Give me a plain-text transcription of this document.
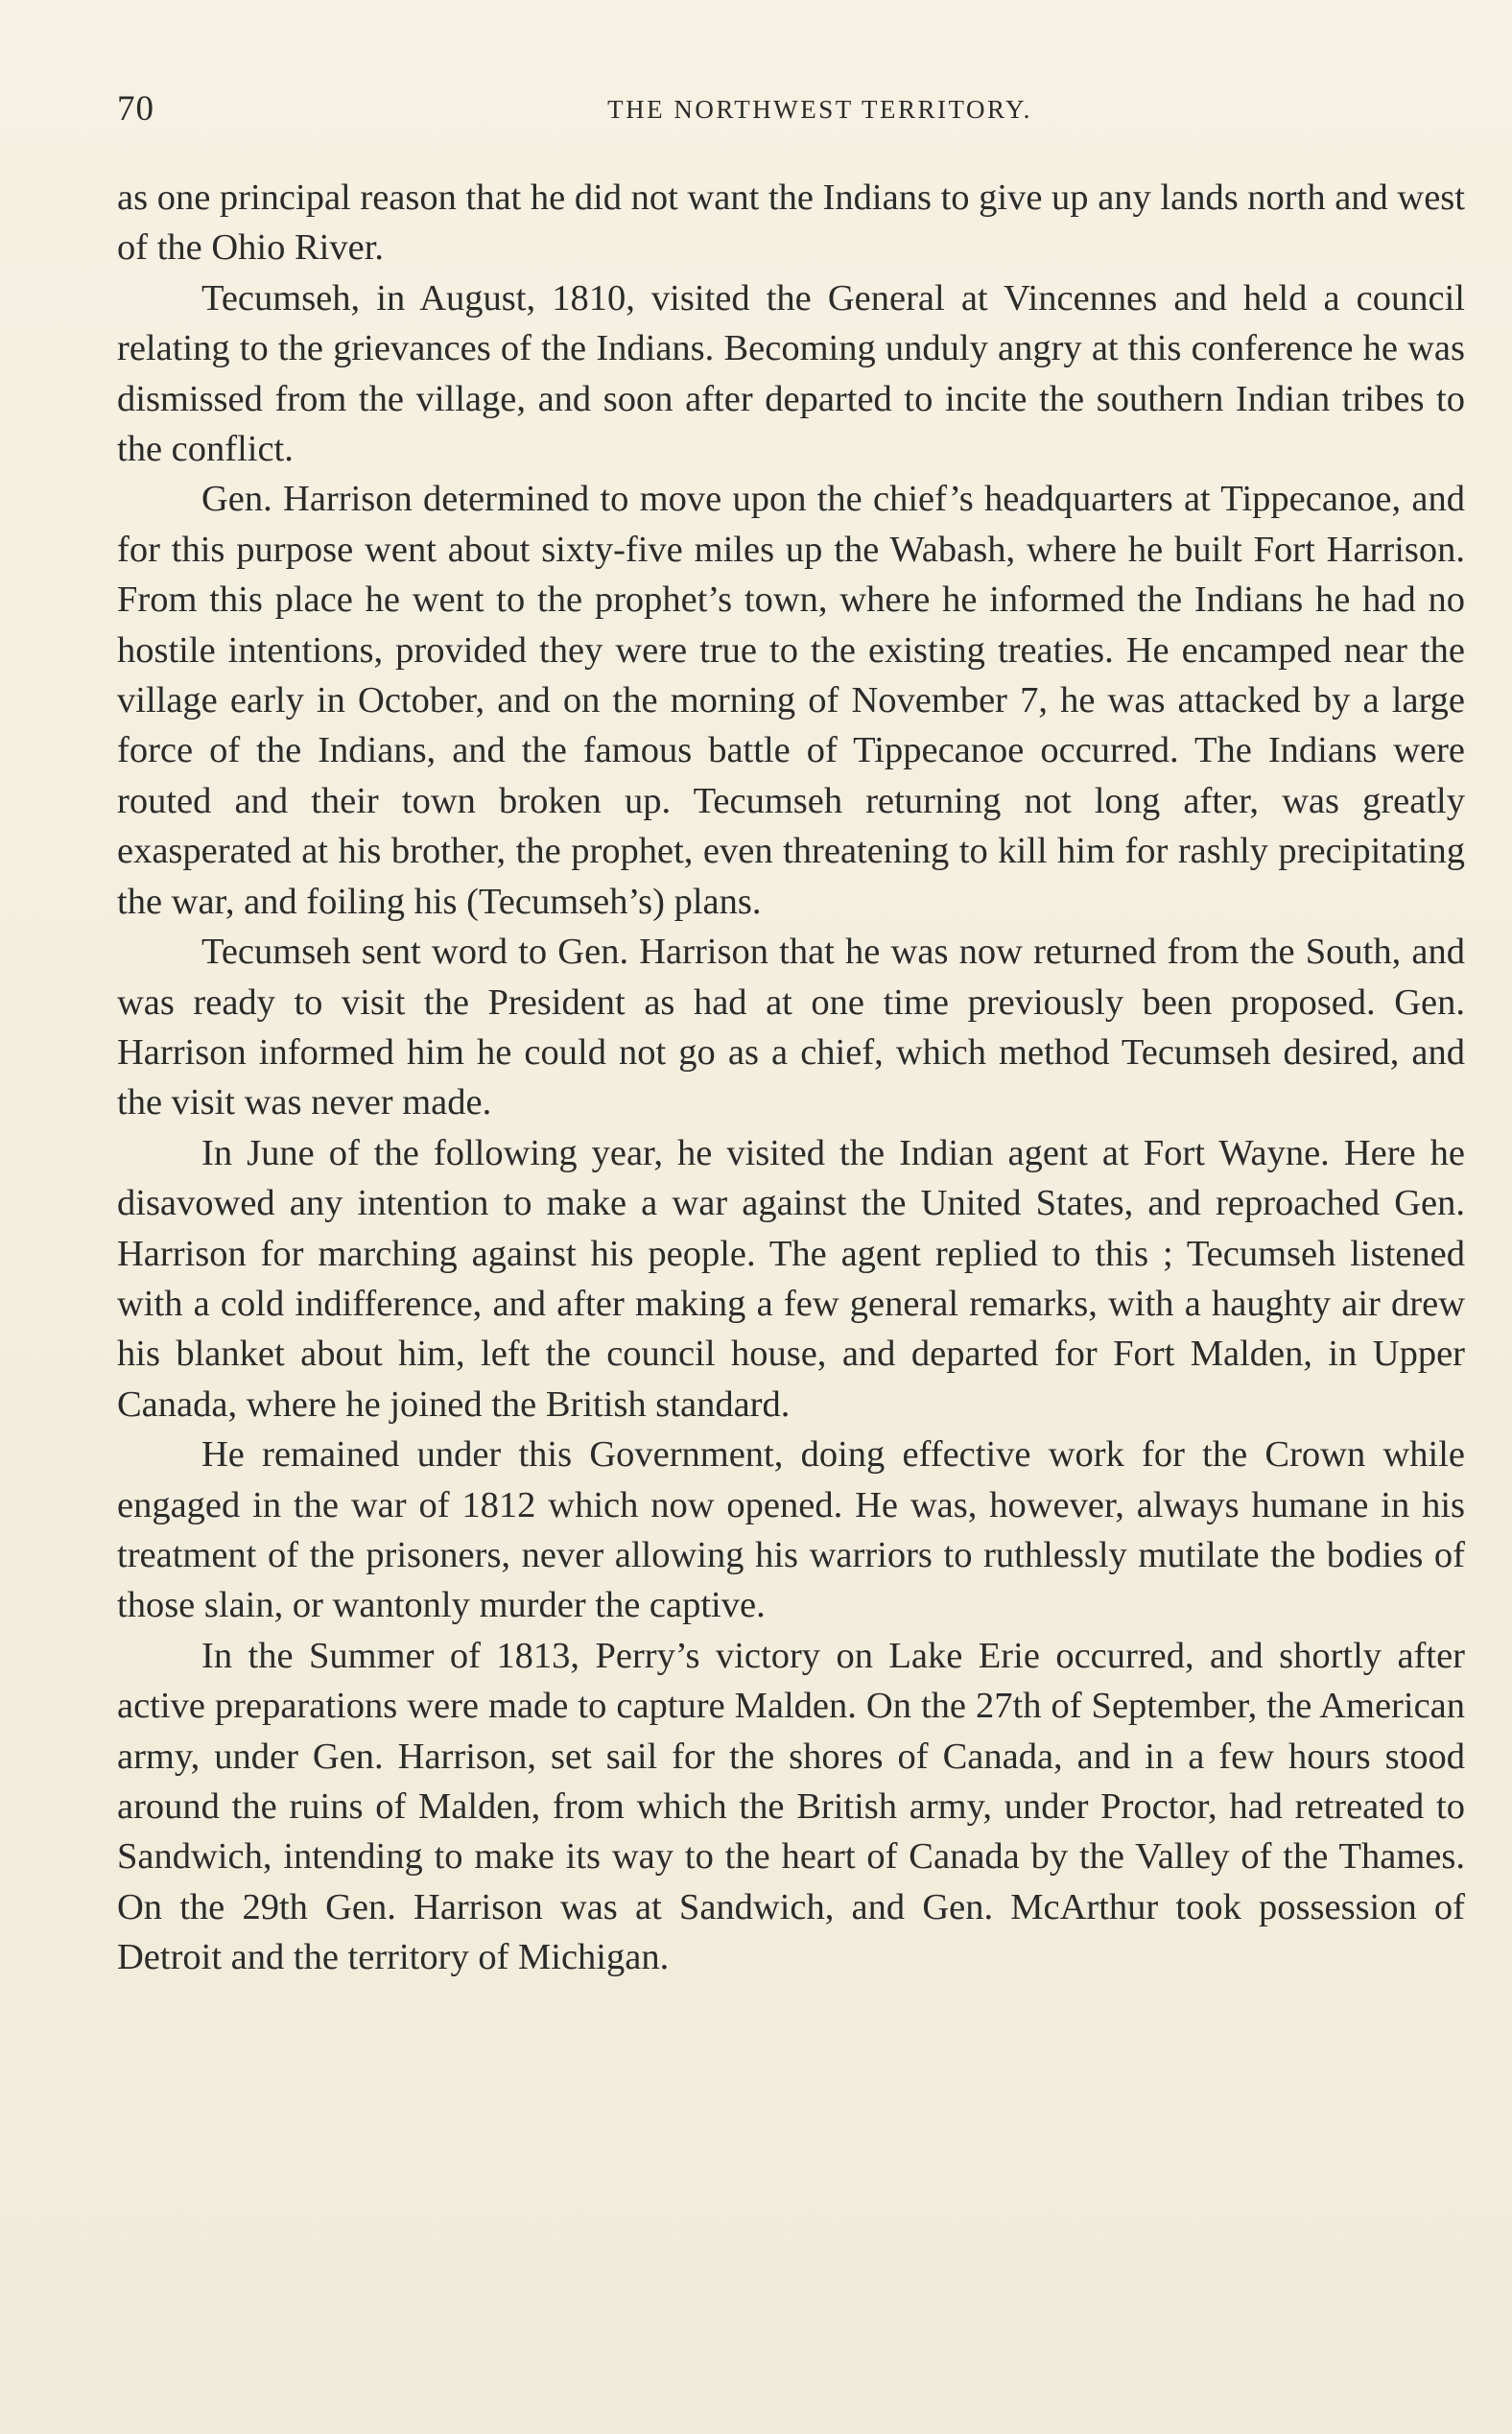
70	THE NORTHWEST TERRITORY.

as one principal reason that he did not want the Indians to give up any lands north and west of the Ohio River.

Tecumseh, in August, 1810, visited the General at Vincennes and held a council relating to the grievances of the Indians. Becoming unduly angry at this conference he was dismissed from the village, and soon after departed to incite the southern Indian tribes to the conflict.

Gen. Harrison determined to move upon the chief’s headquarters at Tippecanoe, and for this purpose went about sixty-five miles up the Wabash, where he built Fort Harrison. From this place he went to the prophet’s town, where he informed the Indians he had no hostile intentions, provided they were true to the existing treaties. He encamped near the village early in October, and on the morning of November 7, he was attacked by a large force of the Indians, and the famous battle of Tippecanoe occurred. The Indians were routed and their town broken up. Tecumseh returning not long after, was greatly exasperated at his brother, the prophet, even threatening to kill him for rashly precipitating the war, and foiling his (Tecumseh’s) plans.

Tecumseh sent word to Gen. Harrison that he was now returned from the South, and was ready to visit the President as had at one time previously been proposed. Gen. Harrison informed him he could not go as a chief, which method Tecumseh desired, and the visit was never made.

In June of the following year, he visited the Indian agent at Fort Wayne. Here he disavowed any intention to make a war against the United States, and reproached Gen. Harrison for marching against his people. The agent replied to this ; Tecumseh listened with a cold indifference, and after making a few general remarks, with a haughty air drew his blanket about him, left the council house, and departed for Fort Malden, in Upper Canada, where he joined the British standard.

He remained under this Government, doing effective work for the Crown while engaged in the war of 1812 which now opened. He was, however, always humane in his treatment of the prisoners, never allowing his warriors to ruthlessly mutilate the bodies of those slain, or wantonly murder the captive.

In the Summer of 1813, Perry’s victory on Lake Erie occurred, and shortly after active preparations were made to capture Malden. On the 27th of September, the American army, under Gen. Harrison, set sail for the shores of Canada, and in a few hours stood around the ruins of Malden, from which the British army, under Proctor, had retreated to Sandwich, intending to make its way to the heart of Canada by the Valley of the Thames. On the 29th Gen. Harrison was at Sandwich, and Gen. McArthur took possession of Detroit and the territory of Michigan.
